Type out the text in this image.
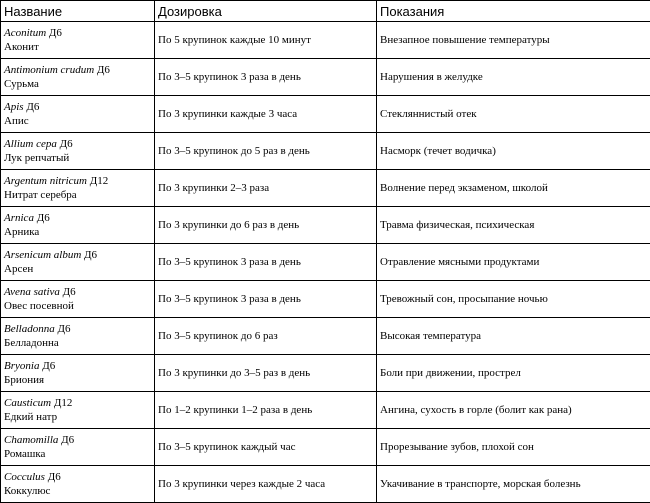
Название	Дозировка	Показания

Aconitum Д6
Аконит	По 5 крупинок каждые 10 минут	Внезапное повышение температуры

Antimonium crudum Д6
Сурьма	По 3–5 крупинок 3 раза в день	Нарушения в желудке

Apis Д6
Апис	По 3 крупинки каждые 3 часа	Стекляннистый отек

Allium cepa Д6
Лук репчатый	По 3–5 крупинок до 5 раз в день	Насморк (течет водичка)

Argentum nitricum Д12
Нитрат серебра	По 3 крупинки 2–3 раза	Волнение перед экзаменом, школой

Arnica Д6
Арника	По 3 крупинки до 6 раз в день	Травма физическая, психическая

Arsenicum album Д6
Арсен	По 3–5 крупинок 3 раза в день	Отравление мясными продуктами

Avena sativa Д6
Овес посевной	По 3–5 крупинок 3 раза в день	Тревожный сон, просыпание ночью

Belladonna Д6
Белладонна	По 3–5 крупинок до 6 раз	Высокая температура

Bryonia Д6
Бриония	По 3 крупинки до 3–5 раз в день	Боли при движении, прострел

Causticum Д12
Едкий натр	По 1–2 крупинки 1–2 раза в день	Ангина, сухость в горле (болит как рана)

Chamomilla Д6
Ромашка	По 3–5 крупинок каждый час	Прорезывание зубов, плохой сон

Cocculus Д6
Коккулюс	По 3 крупинки через каждые 2 часа	Укачивание в транспорте, морская болезнь
